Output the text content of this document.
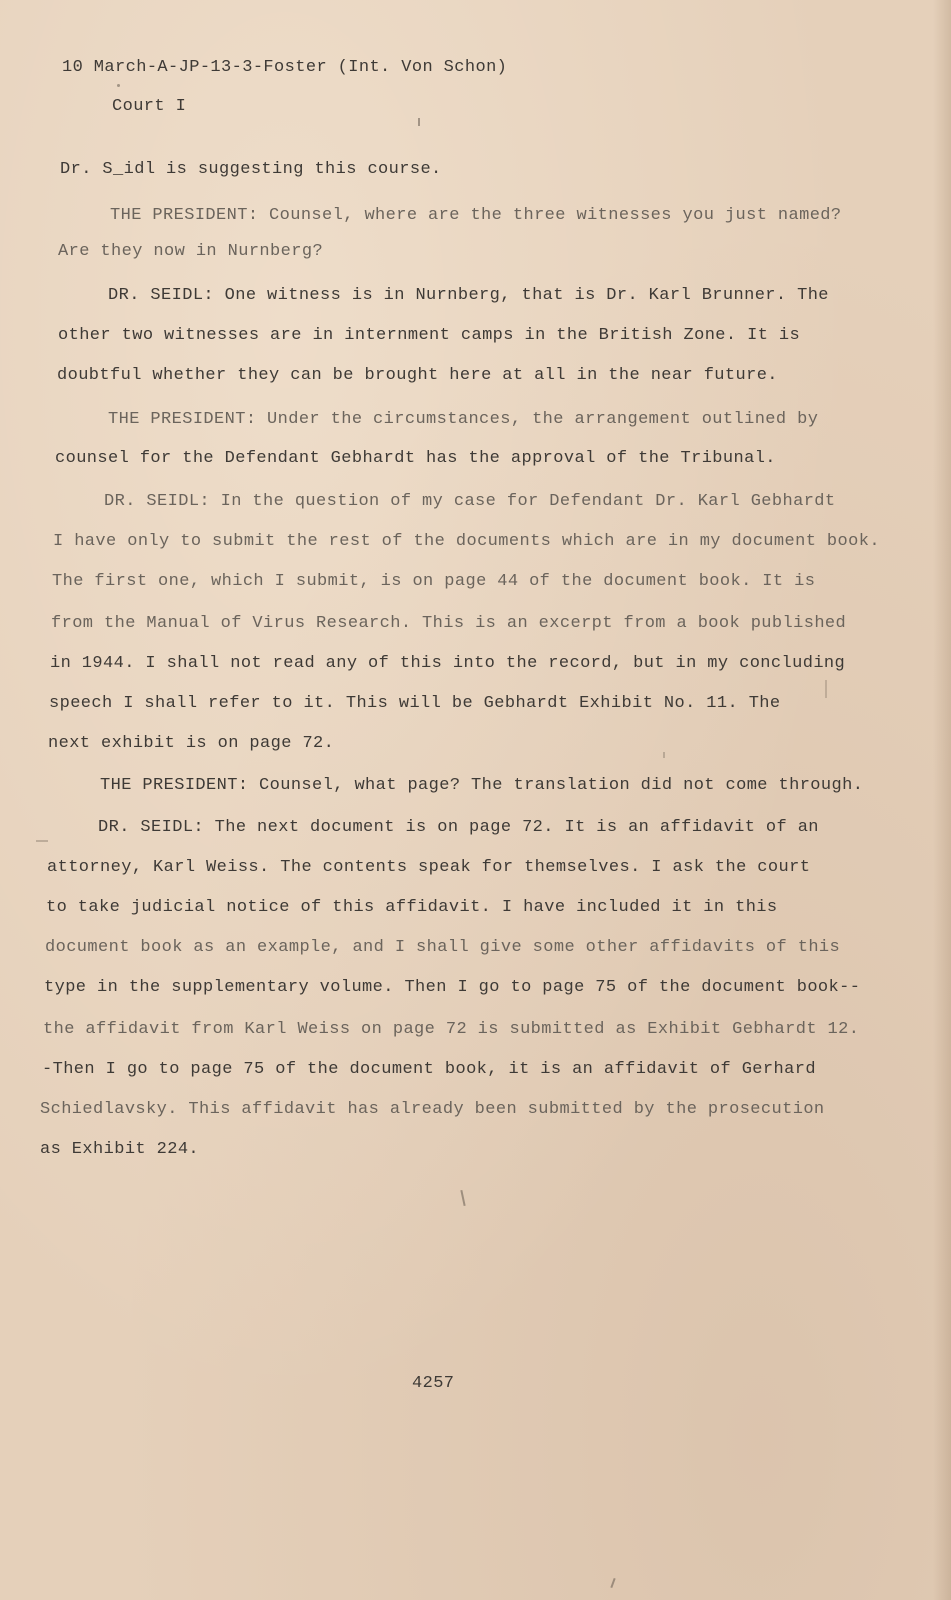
10 March-A-JP-13-3-Foster (Int. Von Schon)
Court I
Dr. S_idl is suggesting this course.
THE PRESIDENT: Counsel, where are the three witnesses you just named?
Are they now in Nurnberg?
DR. SEIDL: One witness is in Nurnberg, that is Dr. Karl Brunner. The
other two witnesses are in internment camps in the British Zone. It is
doubtful whether they can be brought here at all in the near future.
THE PRESIDENT: Under the circumstances, the arrangement outlined by
counsel for the Defendant Gebhardt has the approval of the Tribunal.
DR. SEIDL: In the question of my case for Defendant Dr. Karl Gebhardt
I have only to submit the rest of the documents which are in my document book.
The first one, which I submit, is on page 44 of the document book. It is
from the Manual of Virus Research. This is an excerpt from a book published
in 1944. I shall not read any of this into the record, but in my concluding
speech I shall refer to it. This will be Gebhardt Exhibit No. 11. The
next exhibit is on page 72.
THE PRESIDENT: Counsel, what page? The translation did not come through.
DR. SEIDL: The next document is on page 72. It is an affidavit of an
attorney, Karl Weiss. The contents speak for themselves. I ask the court
to take judicial notice of this affidavit. I have included it in this
document book as an example, and I shall give some other affidavits of this
type in the supplementary volume. Then I go to page 75 of the document book--
the affidavit from Karl Weiss on page 72 is submitted as Exhibit Gebhardt 12.
-Then I go to page 75 of the document book, it is an affidavit of Gerhard
Schiedlavsky. This affidavit has already been submitted by the prosecution
as Exhibit 224.
4257
